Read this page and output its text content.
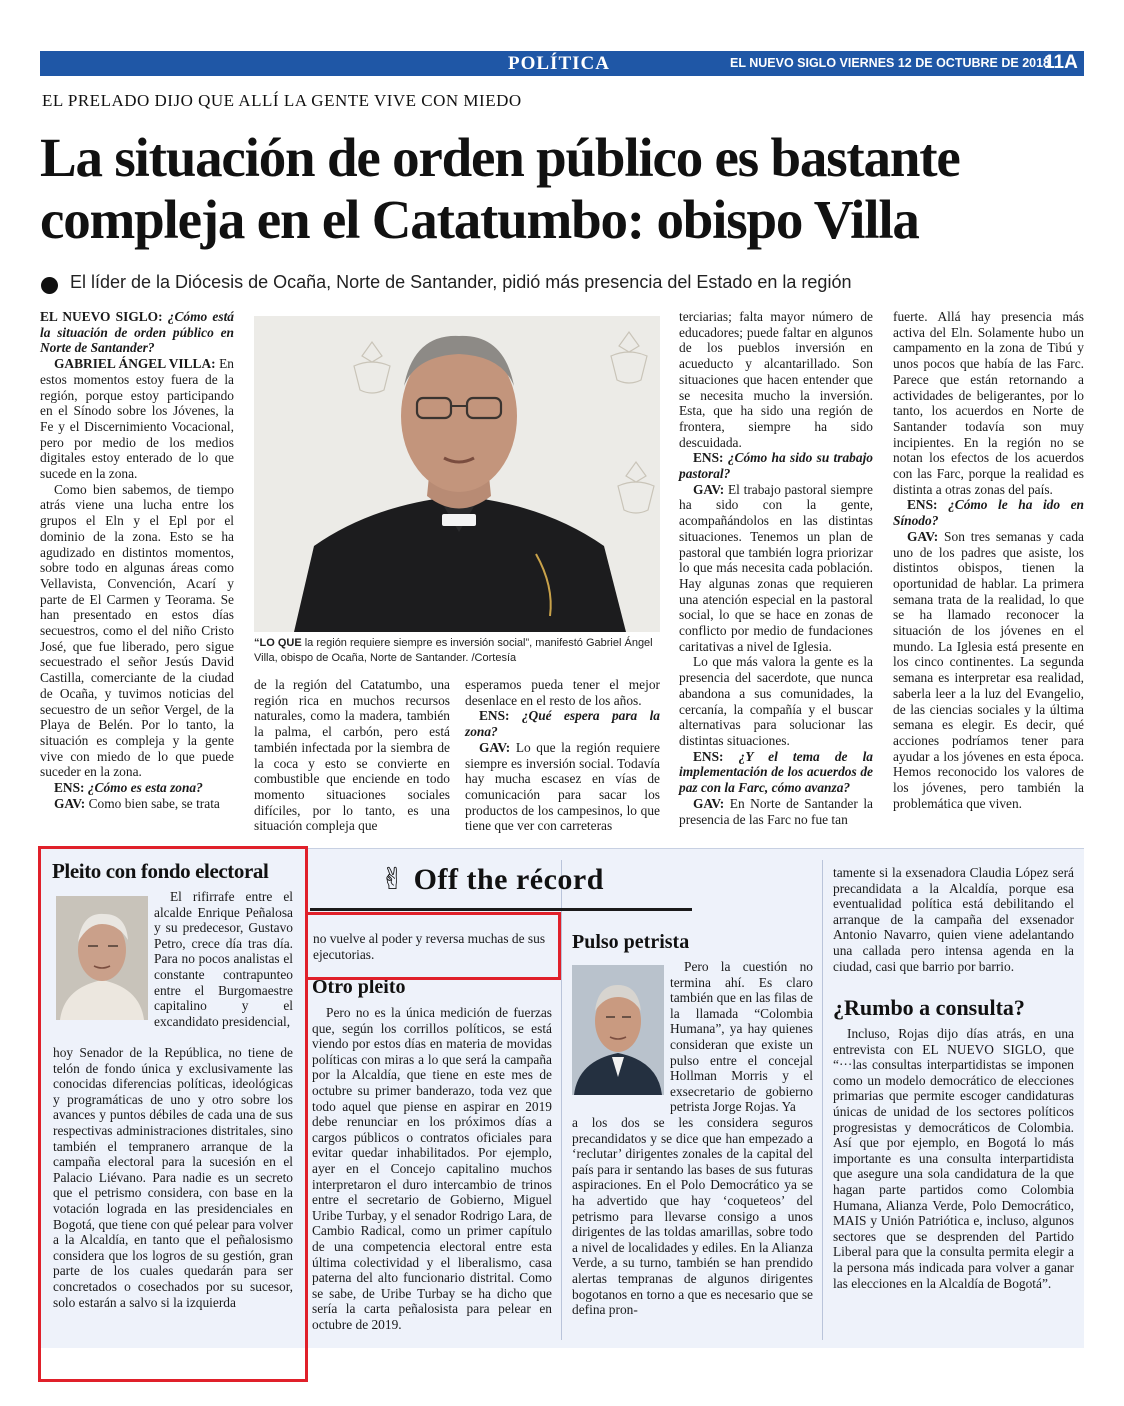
POLÍTICA	EL NUEVO SIGLO VIERNES 12 DE OCTUBRE DE 2018
11A
EL PRELADO DIJO QUE ALLÍ LA GENTE VIVE CON MIEDO
La situación de orden público es bastante
compleja en el Catatumbo: obispo Villa
El líder de la Diócesis de Ocaña, Norte de Santander, pidió más presencia del Estado en la región

EL NUEVO SIGLO: ¿Cómo está la situación de orden público en Norte de Santander?

GABRIEL ÁNGEL VILLA: En estos momentos estoy fuera de la región, porque estoy participando en el Sínodo sobre los Jóvenes, la Fe y el Discernimiento Vocacional, pero por medio de los medios digitales estoy enterado de lo que sucede en la zona.

Como bien sabemos, de tiempo atrás viene una lucha entre los grupos el Eln y el Epl por el dominio de la zona. Esto se ha agudizado en distintos momentos, sobre todo en algunas áreas como Vellavista, Convención, Acarí y parte de El Carmen y Teorama. Se han presentado en estos días secuestros, como el del niño Cristo José, que fue liberado, pero sigue secuestrado el señor Jesús David Castilla, comerciante de la ciudad de Ocaña, y tuvimos noticias del secuestro de un señor Vergel, de la Playa de Belén. Por lo tanto, la situación es compleja y la gente vive con miedo de lo que puede suceder en la zona.

ENS: ¿Cómo es esta zona?

GAV: Como bien sabe, se trata

“LO QUE la región requiere siempre es inversión social”, manifestó Gabriel Ángel Villa, obispo de Ocaña, Norte de Santander. /Cortesía
de la región del Catatumbo, una región rica en muchos recursos naturales, como la madera, también la palma, el carbón, pero está también infectada por la siembra de la coca y esto se convierte en combustible que enciende en todo momento situaciones sociales difíciles, por lo tanto, es una situación compleja que

esperamos pueda tener el mejor desenlace en el resto de los años.

ENS: ¿Qué espera para la zona?

GAV: Lo que la región requiere siempre es inversión social. Todavía hay mucha escasez en vías de comunicación para sacar los productos de los campesinos, lo que tiene que ver con carreteras

terciarias; falta mayor número de educadores; puede faltar en algunos de los pueblos inversión en acueducto y alcantarillado. Son situaciones que hacen entender que se necesita mucho la inversión. Esta, que ha sido una región de frontera, siempre ha sido descuidada.

ENS: ¿Cómo ha sido su trabajo pastoral?

GAV: El trabajo pastoral siempre ha sido con la gente, acompañándolos en las distintas situaciones. Tenemos un plan de pastoral que también logra priorizar lo que más necesita cada población. Hay algunas zonas que requieren una atención especial en la pastoral social, lo que se hace en zonas de conflicto por medio de fundaciones caritativas a nivel de Iglesia.

Lo que más valora la gente es la presencia del sacerdote, que nunca abandona a sus comunidades, la cercanía, la compañía y el buscar alternativas para solucionar las distintas situaciones.

ENS: ¿Y el tema de la implementación de los acuerdos de paz con la Farc, cómo avanza?

GAV: En Norte de Santander la presencia de las Farc no fue tan

fuerte. Allá hay presencia más activa del Eln. Solamente hubo un campamento en la zona de Tibú y unos pocos que había de las Farc. Parece que están retornando a actividades de beligerantes, por lo tanto, los acuerdos en Norte de Santander todavía son muy incipientes. En la región no se notan los efectos de los acuerdos con las Farc, porque la realidad es distinta a otras zonas del país.

ENS: ¿Cómo le ha ido en Sínodo?

GAV: Son tres semanas y cada uno de los padres que asiste, los distintos obispos, tienen la oportunidad de hablar. La primera semana trata de la realidad, lo que se ha llamado reconocer la situación de los jóvenes en el mundo. La Iglesia está presente en los cinco continentes. La segunda semana es interpretar esa realidad, saberla leer a la luz del Evangelio, de las ciencias sociales y la última semana es elegir. Es decir, qué acciones podríamos tener para ayudar a los jóvenes en esta época. Hemos reconocido los valores de los jóvenes, pero también la problemática que viven.

✌ Off the récord
Pleito con fondo electoral
El rifirrafe entre el alcalde Enrique Peñalosa y su predecesor, Gustavo Petro, crece día tras día. Para no pocos analistas el constante contrapunteo entre el Burgomaestre capitalino y el excandidato presidencial,
hoy Senador de la República, no tiene de telón de fondo única y exclusivamente las conocidas diferencias políticas, ideológicas y programáticas de uno y otro sobre los avances y puntos débiles de cada una de sus respectivas administraciones distritales, sino también el tempranero arranque de la campaña electoral para la sucesión en el Palacio Liévano. Para nadie es un secreto que el petrismo considera, con base en la votación lograda en las presidenciales en Bogotá, que tiene con qué pelear para volver a la Alcaldía, en tanto que el peñalosismo considera que los logros de su gestión, gran parte de los cuales quedarán para ser concretados o cosechados por su sucesor, solo estarán a salvo si la izquierda
no vuelve al poder y reversa muchas de sus ejecutorias.
Otro pleito
Pero no es la única medición de fuerzas que, según los corrillos políticos, se está viendo por estos días en materia de movidas políticas con miras a lo que será la campaña por la Alcaldía, que tiene en este mes de octubre su primer banderazo, toda vez que todo aquel que piense en aspirar en 2019 debe renunciar en los próximos días a cargos públicos o contratos oficiales para evitar quedar inhabilitados. Por ejemplo, ayer en el Concejo capitalino muchos interpretaron el duro intercambio de trinos entre el secretario de Gobierno, Miguel Uribe Turbay, y el senador Rodrigo Lara, de Cambio Radical, como un primer capítulo de una competencia electoral entre esta última colectividad y el liberalismo, casa paterna del alto funcionario distrital. Como se sabe, de Uribe Turbay se ha dicho que sería la carta peñalosista para pelear en octubre de 2019.
Pulso petrista
Pero la cuestión no termina ahí. Es claro también que en las filas de la llamada “Colombia Humana”, ya hay quienes consideran que existe un pulso entre el concejal Hollman Morris y el exsecretario de gobierno petrista Jorge Rojas. Ya
a los dos se les considera seguros precandidatos y se dice que han empezado a ‘reclutar’ dirigentes zonales de la capital del país para ir sentando las bases de sus futuras aspiraciones. En el Polo Democrático ya se ha advertido que hay ‘coqueteos’ del petrismo para llevarse consigo a unos dirigentes de las toldas amarillas, sobre todo a nivel de localidades y ediles. En la Alianza Verde, a su turno, también se han prendido alertas tempranas de algunos dirigentes bogotanos en torno a que es necesario que se defina pron-
tamente si la exsenadora Claudia López será precandidata a la Alcaldía, porque esa eventualidad política está debilitando el arranque de la campaña del exsenador Antonio Navarro, quien viene adelantando una callada pero intensa agenda en la ciudad, casi que barrio por barrio.
¿Rumbo a consulta?
Incluso, Rojas dijo días atrás, en una entrevista con EL NUEVO SIGLO, que “···las consultas interpartidistas se imponen como un modelo democrático de elecciones primarias que permite escoger candidaturas únicas de unidad de los sectores políticos progresistas y democráticos de Colombia. Así que por ejemplo, en Bogotá lo más importante es una consulta interpartidista que asegure una sola candidatura de la que hagan parte partidos como Colombia Humana, Alianza Verde, Polo Democrático, MAIS y Unión Patriótica e, incluso, algunos sectores que se desprenden del Partido Liberal para que la consulta permita elegir a la persona más indicada para volver a ganar las elecciones en la Alcaldía de Bogotá”.
